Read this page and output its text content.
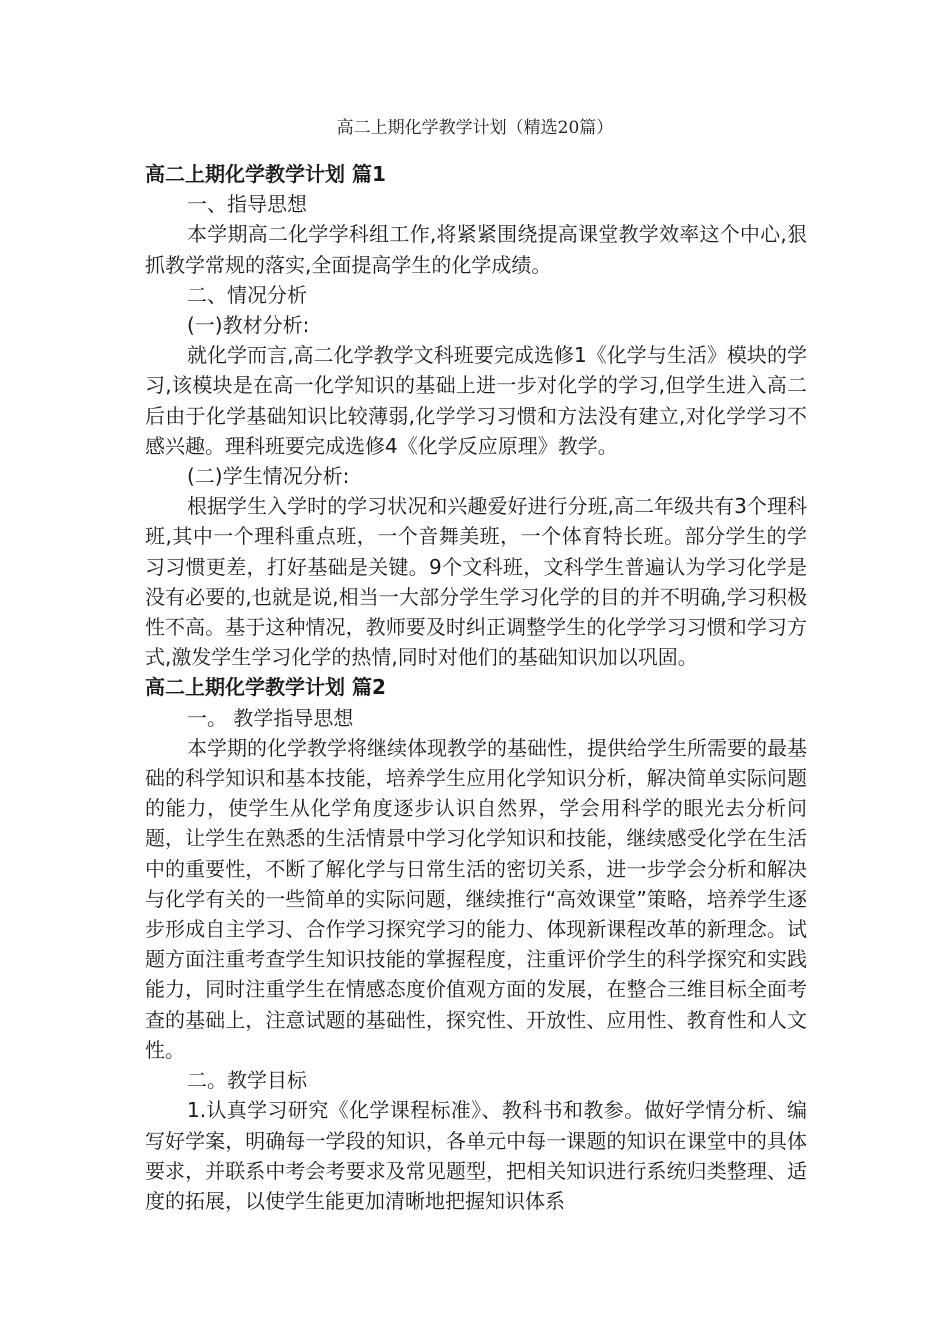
高二上期化学教学计划（精选20篇）

高二上期化学教学计划 篇1

一、指导思想

本学期高二化学学科组工作,将紧紧围绕提高课堂教学效率这个中心,狠抓教学常规的落实,全面提高学生的化学成绩。

二、情况分析

(一)教材分析:

就化学而言,高二化学教学文科班要完成选修1《化学与生活》模块的学习,该模块是在高一化学知识的基础上进一步对化学的学习,但学生进入高二后由于化学基础知识比较薄弱,化学学习习惯和方法没有建立,对化学学习不感兴趣。理科班要完成选修4《化学反应原理》教学。

(二)学生情况分析:

根据学生入学时的学习状况和兴趣爱好进行分班,高二年级共有3个理科班,其中一个理科重点班，一个音舞美班，一个体育特长班。部分学生的学习习惯更差，打好基础是关键。9个文科班，文科学生普遍认为学习化学是没有必要的,也就是说,相当一大部分学生学习化学的目的并不明确,学习积极性不高。基于这种情况，教师要及时纠正调整学生的化学学习习惯和学习方式,激发学生学习化学的热情,同时对他们的基础知识加以巩固。

高二上期化学教学计划 篇2

一。 教学指导思想

本学期的化学教学将继续体现教学的基础性，提供给学生所需要的最基础的科学知识和基本技能，培养学生应用化学知识分析，解决简单实际问题的能力，使学生从化学角度逐步认识自然界，学会用科学的眼光去分析问题，让学生在熟悉的生活情景中学习化学知识和技能，继续感受化学在生活中的重要性，不断了解化学与日常生活的密切关系，进一步学会分析和解决与化学有关的一些简单的实际问题，继续推行“高效课堂”策略，培养学生逐步形成自主学习、合作学习探究学习的能力、体现新课程改革的新理念。试题方面注重考查学生知识技能的掌握程度，注重评价学生的科学探究和实践能力，同时注重学生在情感态度价值观方面的发展，在整合三维目标全面考查的基础上，注意试题的基础性，探究性、开放性、应用性、教育性和人文性。

二。教学目标

1.认真学习研究《化学课程标准》、教科书和教参。做好学情分析、编写好学案，明确每一学段的知识，各单元中每一课题的知识在课堂中的具体要求，并联系中考会考要求及常见题型，把相关知识进行系统归类整理、适度的拓展，以使学生能更加清晰地把握知识体系
